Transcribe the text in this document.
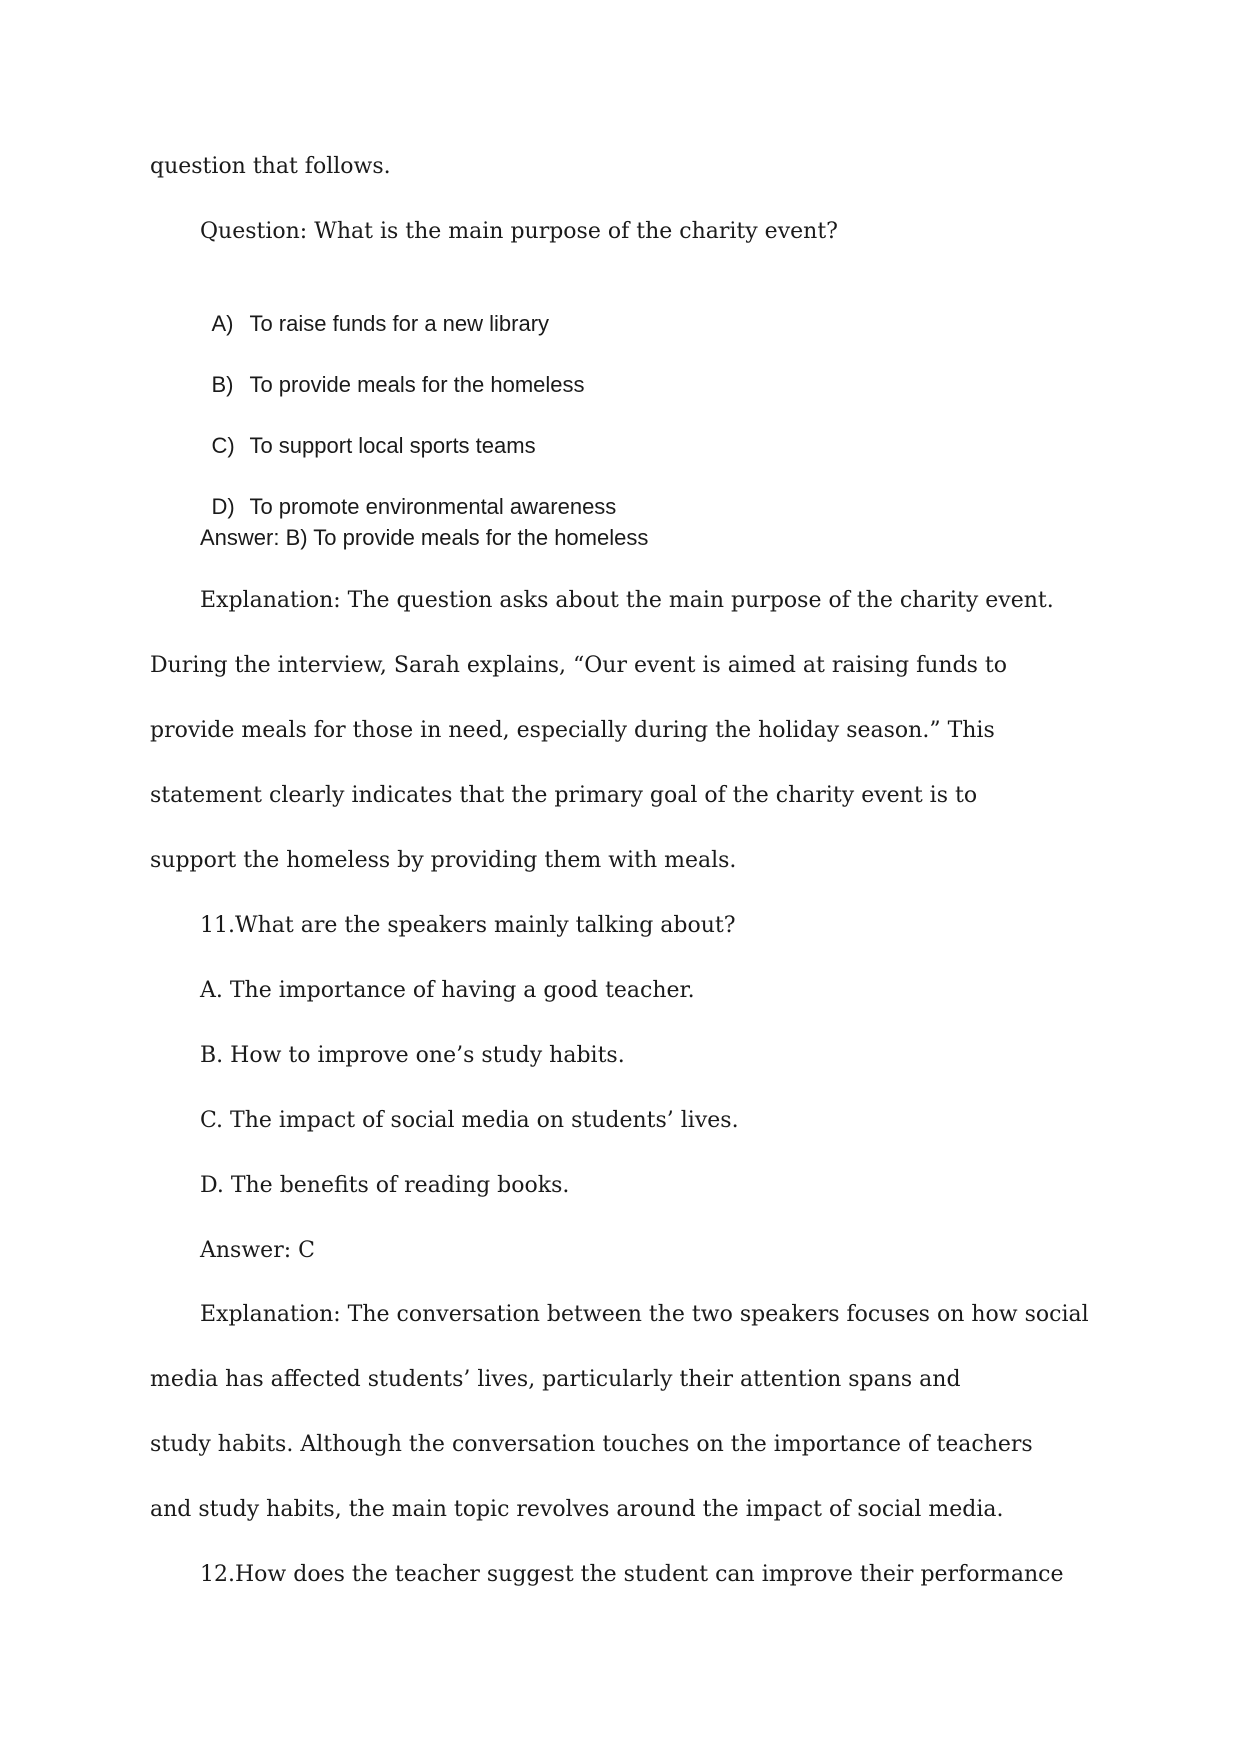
question that follows.
Question: What is the main purpose of the charity event?

A) To raise funds for a new library

B) To provide meals for the homeless

C) To support local sports teams

D) To promote environmental awareness

Answer: B) To provide meals for the homeless
Explanation: The question asks about the main purpose of the charity event.
During the interview, Sarah explains, “Our event is aimed at raising funds to
provide meals for those in need, especially during the holiday season.” This
statement clearly indicates that the primary goal of the charity event is to
support the homeless by providing them with meals.
11.What are the speakers mainly talking about?
A. The importance of having a good teacher.
B. How to improve one’s study habits.
C. The impact of social media on students’ lives.
D. The benefits of reading books.
Answer: C
Explanation: The conversation between the two speakers focuses on how social
media has affected students’ lives, particularly their attention spans and
study habits. Although the conversation touches on the importance of teachers
and study habits, the main topic revolves around the impact of social media.
12.How does the teacher suggest the student can improve their performance
